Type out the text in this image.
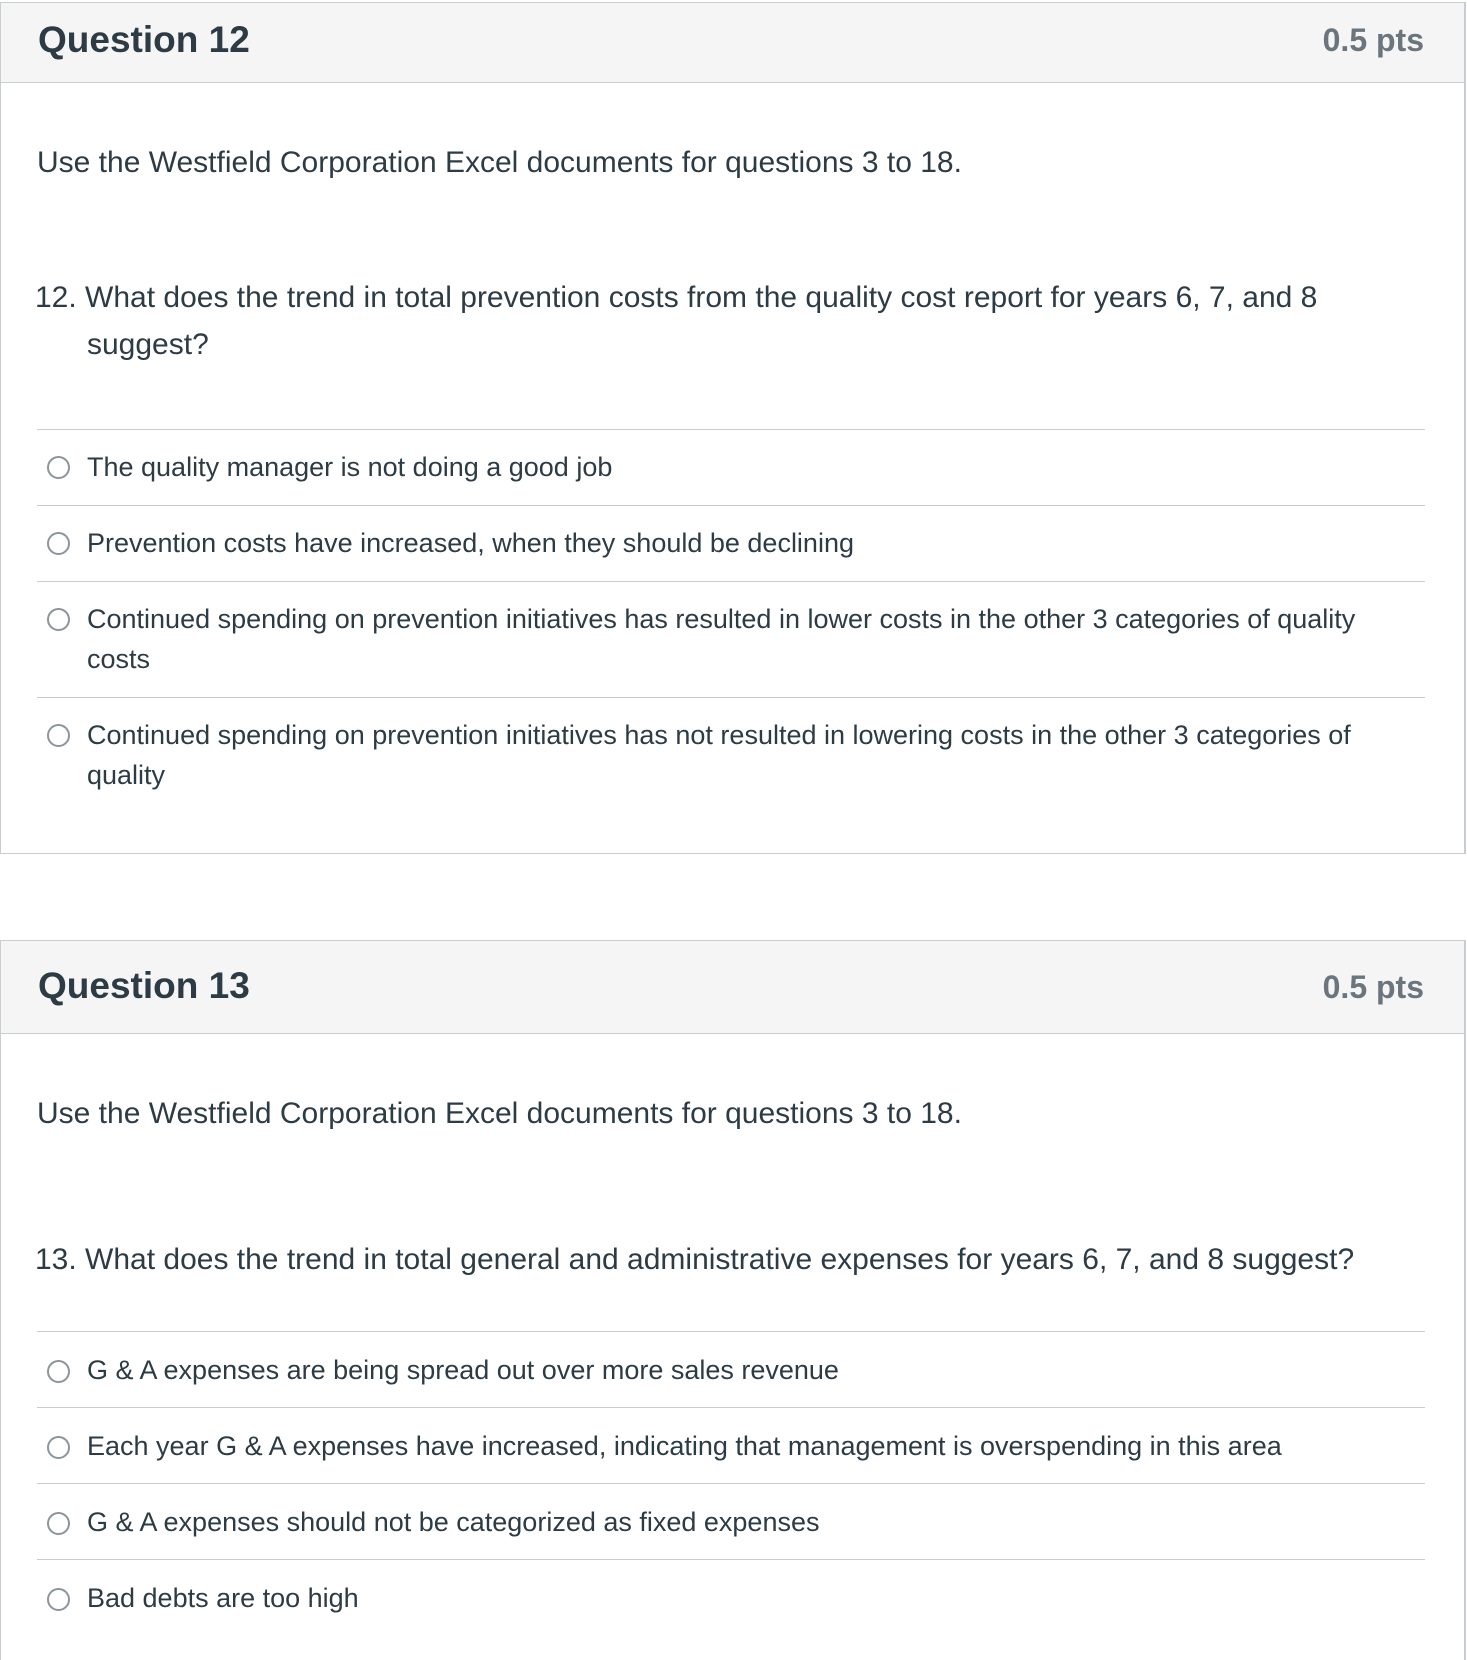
Question 12	0.5 pts
Use the Westfield Corporation Excel documents for questions 3 to 18.
12. What does the trend in total prevention costs from the quality cost report for years 6, 7, and 8 suggest?
The quality manager is not doing a good job
Prevention costs have increased, when they should be declining
Continued spending on prevention initiatives has resulted in lower costs in the other 3 categories of quality costs
Continued spending on prevention initiatives has not resulted in lowering costs in the other 3 categories of quality
Question 13	0.5 pts
Use the Westfield Corporation Excel documents for questions 3 to 18.
13. What does the trend in total general and administrative expenses for years 6, 7, and 8 suggest?
G & A expenses are being spread out over more sales revenue
Each year G & A expenses have increased, indicating that management is overspending in this area
G & A expenses should not be categorized as fixed expenses
Bad debts are too high
